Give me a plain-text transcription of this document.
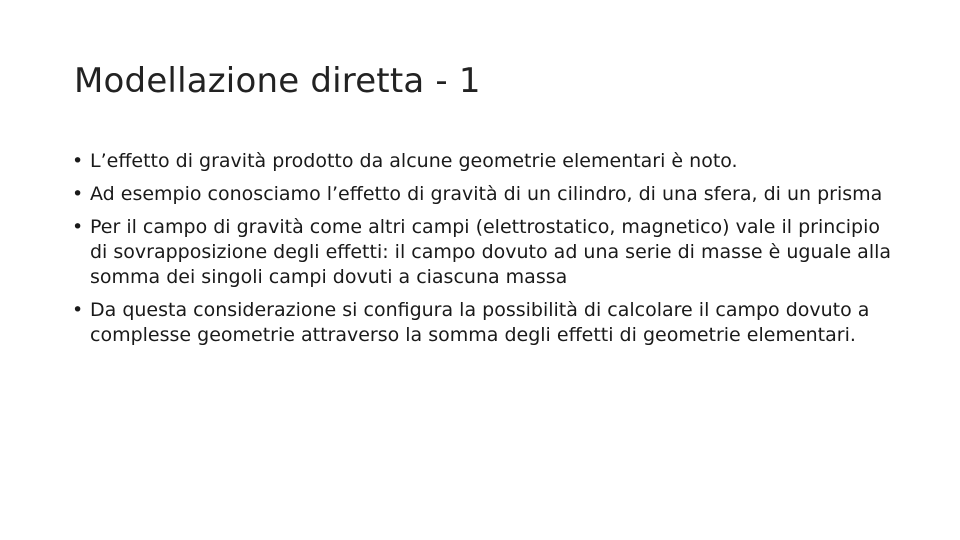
Modellazione diretta - 1
• L’effetto di gravità prodotto da alcune geometrie elementari è noto.
• Ad esempio conosciamo l’effetto di gravità di un cilindro, di una sfera, di un prisma
• Per il campo di gravità come altri campi (elettrostatico, magnetico) vale il principio di sovrapposizione degli effetti: il campo dovuto ad una serie di masse è uguale alla somma dei singoli campi dovuti a ciascuna massa
• Da questa considerazione si configura la possibilità di calcolare il campo dovuto a complesse geometrie attraverso la somma degli effetti di geometrie elementari.
